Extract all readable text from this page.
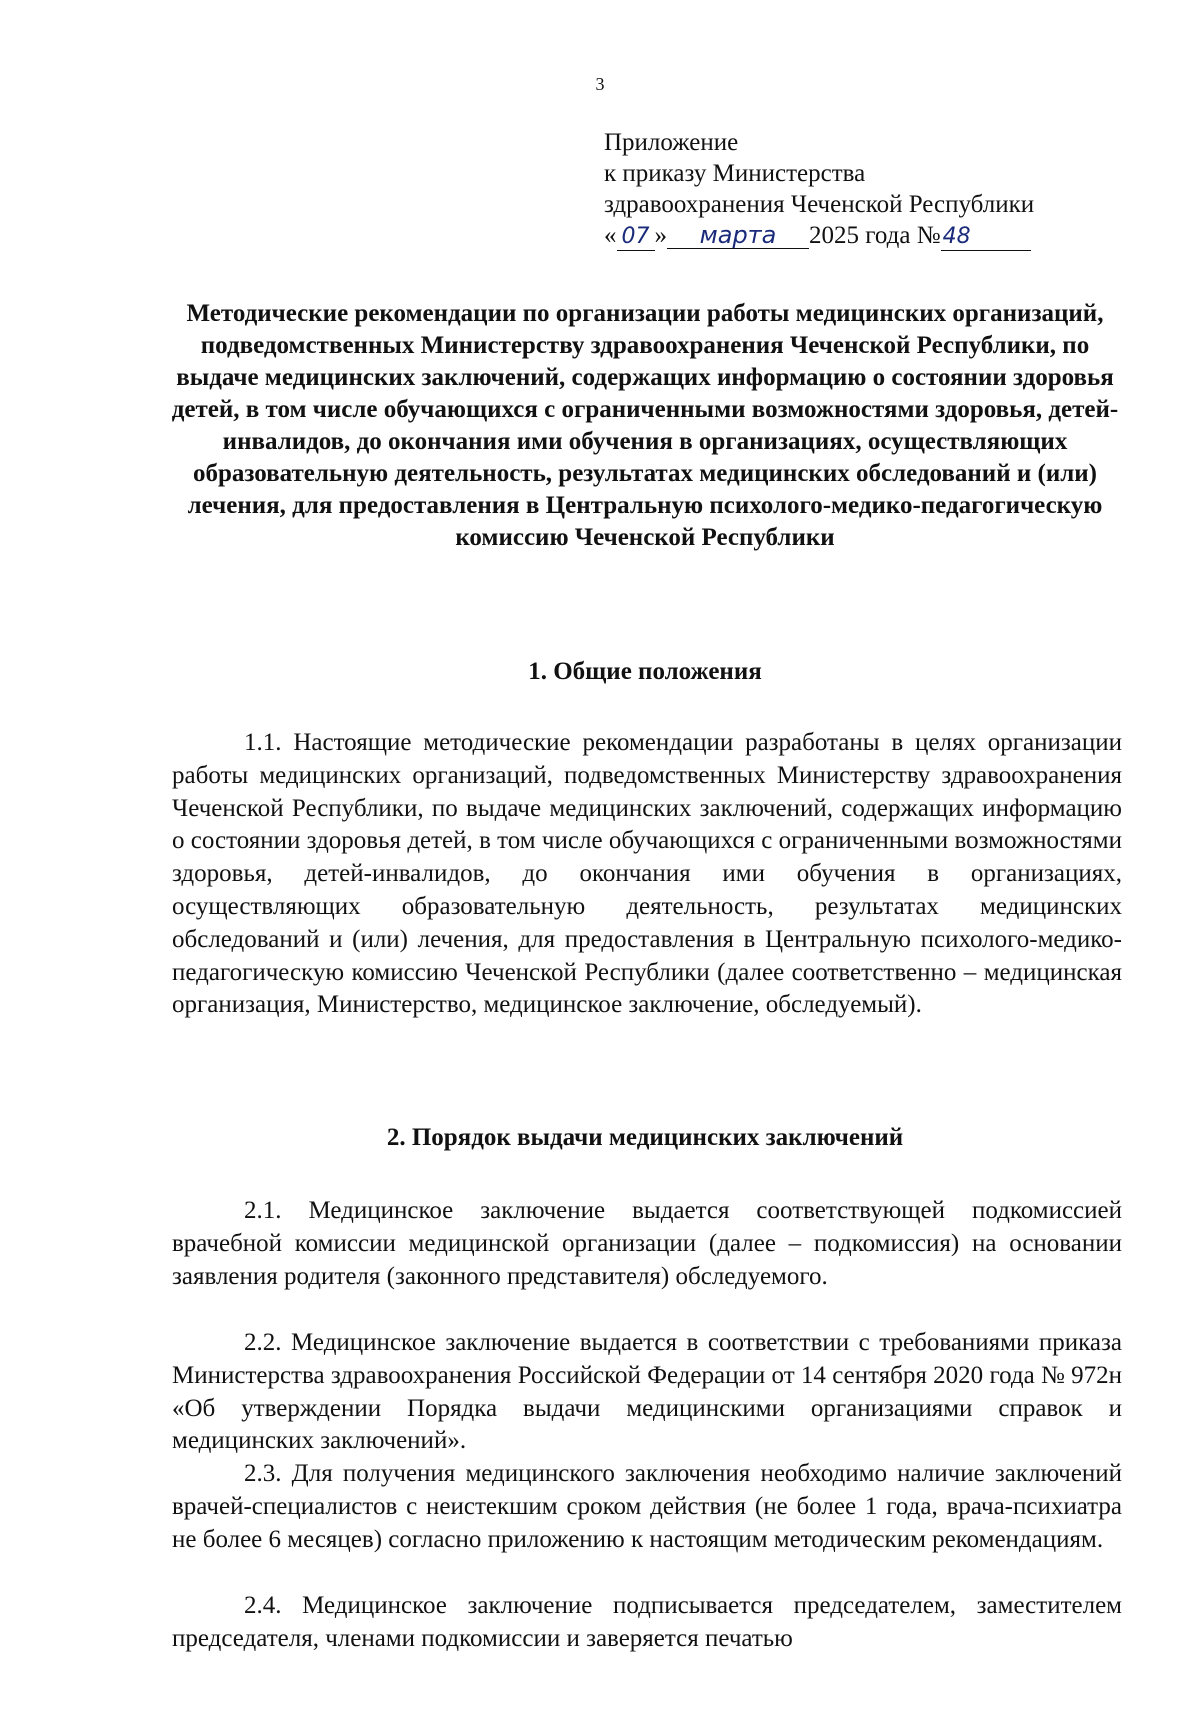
3
Приложение
к приказу Министерства
здравоохранения Чеченской Республики
« 07 » марта 2025 года №48
Методические рекомендации по организации работы медицинских организаций, подведомственных Министерству здравоохранения Чеченской Республики, по выдаче медицинских заключений, содержащих информацию о состоянии здоровья детей, в том числе обучающихся с ограниченными возможностями здоровья, детей-инвалидов, до окончания ими обучения в организациях, осуществляющих образовательную деятельность, результатах медицинских обследований и (или) лечения, для предоставления в Центральную психолого-медико-педагогическую комиссию Чеченской Республики
1. Общие положения

1.1. Настоящие методические рекомендации разработаны в целях организации работы медицинских организаций, подведомственных Министерству здравоохранения Чеченской Республики, по выдаче медицинских заключений, содержащих информацию о состоянии здоровья детей, в том числе обучающихся с ограниченными возможностями здоровья, детей-инвалидов, до окончания ими обучения в организациях, осуществляющих образовательную деятельность, результатах медицинских обследований и (или) лечения, для предоставления в Центральную психолого-медико-педагогическую комиссию Чеченской Республики (далее соответственно – медицинская организация, Министерство, медицинское заключение, обследуемый).

2. Порядок выдачи медицинских заключений

2.1. Медицинское заключение выдается соответствующей подкомиссией врачебной комиссии медицинской организации (далее – подкомиссия) на основании заявления родителя (законного представителя) обследуемого.

2.2. Медицинское заключение выдается в соответствии с требованиями приказа Министерства здравоохранения Российской Федерации от 14 сентября 2020 года № 972н «Об утверждении Порядка выдачи медицинскими организациями справок и медицинских заключений».

2.3. Для получения медицинского заключения необходимо наличие заключений врачей-специалистов с неистекшим сроком действия (не более 1 года, врача-психиатра не более 6 месяцев) согласно приложению к настоящим методическим рекомендациям.

2.4. Медицинское заключение подписывается председателем, заместителем председателя, членами подкомиссии и заверяется печатью
